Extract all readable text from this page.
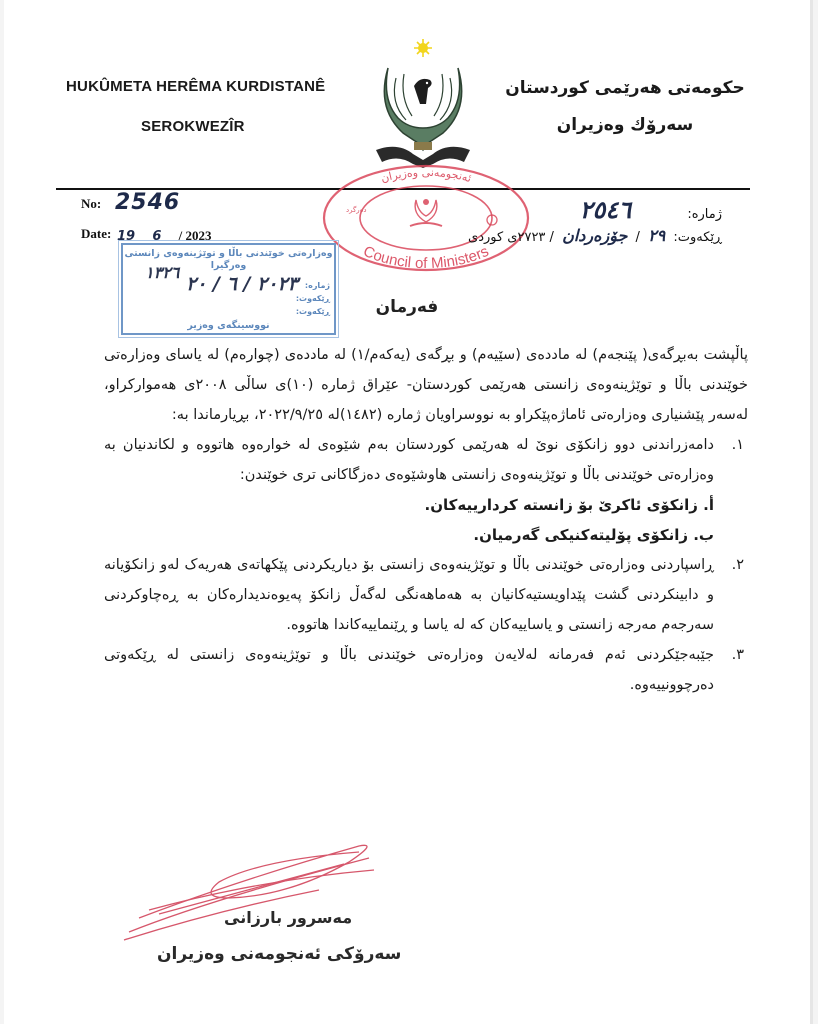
HUKÛMETA HERÊMA KURDISTANÊ
SEROKWEZÎR
حکومەتی هەرێمی کوردستان
سەرۆك وەزیران
ئەنجومەنی وەزیران
Council of Ministers
دەرگرد
No: 2546
Date: 19 6 / 2023
ژمارە: ٢٥٤٦
ڕێکەوت: ٢٩ / جۆزەردان / ٢٧٢٣ی کوردی
وەزارەتی خوێندنی باڵا و توێژینەوەی زانستی
وەرگیرا
ژمارە:
ڕێکەوت:
ڕێکەوت:
٢٠٢٣ / ٦ / ٢٠ $^{١٣٢٦}$
نووسینگەی وەزیر
فەرمان

پاڵپشت بەبڕگەی( پێنجەم) لە ماددەی (سێیەم) و بڕگەی (یەکەم/١) لە ماددەی (چوارەم) لە یاسای وەزارەتی خوێندنی باڵا و توێژینەوەی زانستی هەرێمی کوردستان- عێراق ژمارە (١٠)ی ساڵی ٢٠٠٨ی هەموارکراو، لەسەر پێشنیاری وەزارەتی ئاماژەپێکراو بە نووسراویان ژمارە (١٤٨٢)لە ٢٠٢٢/٩/٢٥، بڕیارماندا بە:

١.
دامەزراندنی دوو زانکۆی نوێ لە هەرێمی کوردستان بەم شێوەی لە خوارەوە هاتووە و لکاندنیان بە وەزارەتی خوێندنی باڵا و توێژینەوەی زانستی هاوشێوەی دەزگاکانی تری خوێندن:
أ. زانکۆی ئاکرێ بۆ زانستە کردارییەکان.
ب. زانکۆی پۆلیتەکنیکی گەرمیان.
٢.
ڕاسپاردنی وەزارەتی خوێندنی باڵا و توێژینەوەی زانستی بۆ دیاریکردنی پێکهاتەی هەریەک لەو زانکۆیانە و دابینکردنی گشت پێداویستیەکانیان بە هەماهەنگی لەگەڵ زانکۆ پەیوەندیدارەکان بە ڕەچاوکردنی سەرجەم مەرجە زانستی و یاساییەکان کە لە یاسا و ڕێنماییەکاندا هاتووە.
٣.
جێبەجێکردنی ئەم فەرمانە لەلایەن وەزارەتی خوێندنی باڵا و توێژینەوەی زانستی لە ڕێکەوتی دەرچوونییەوە.
مەسرور بارزانی
سەرۆکی ئەنجومەنی وەزیران
